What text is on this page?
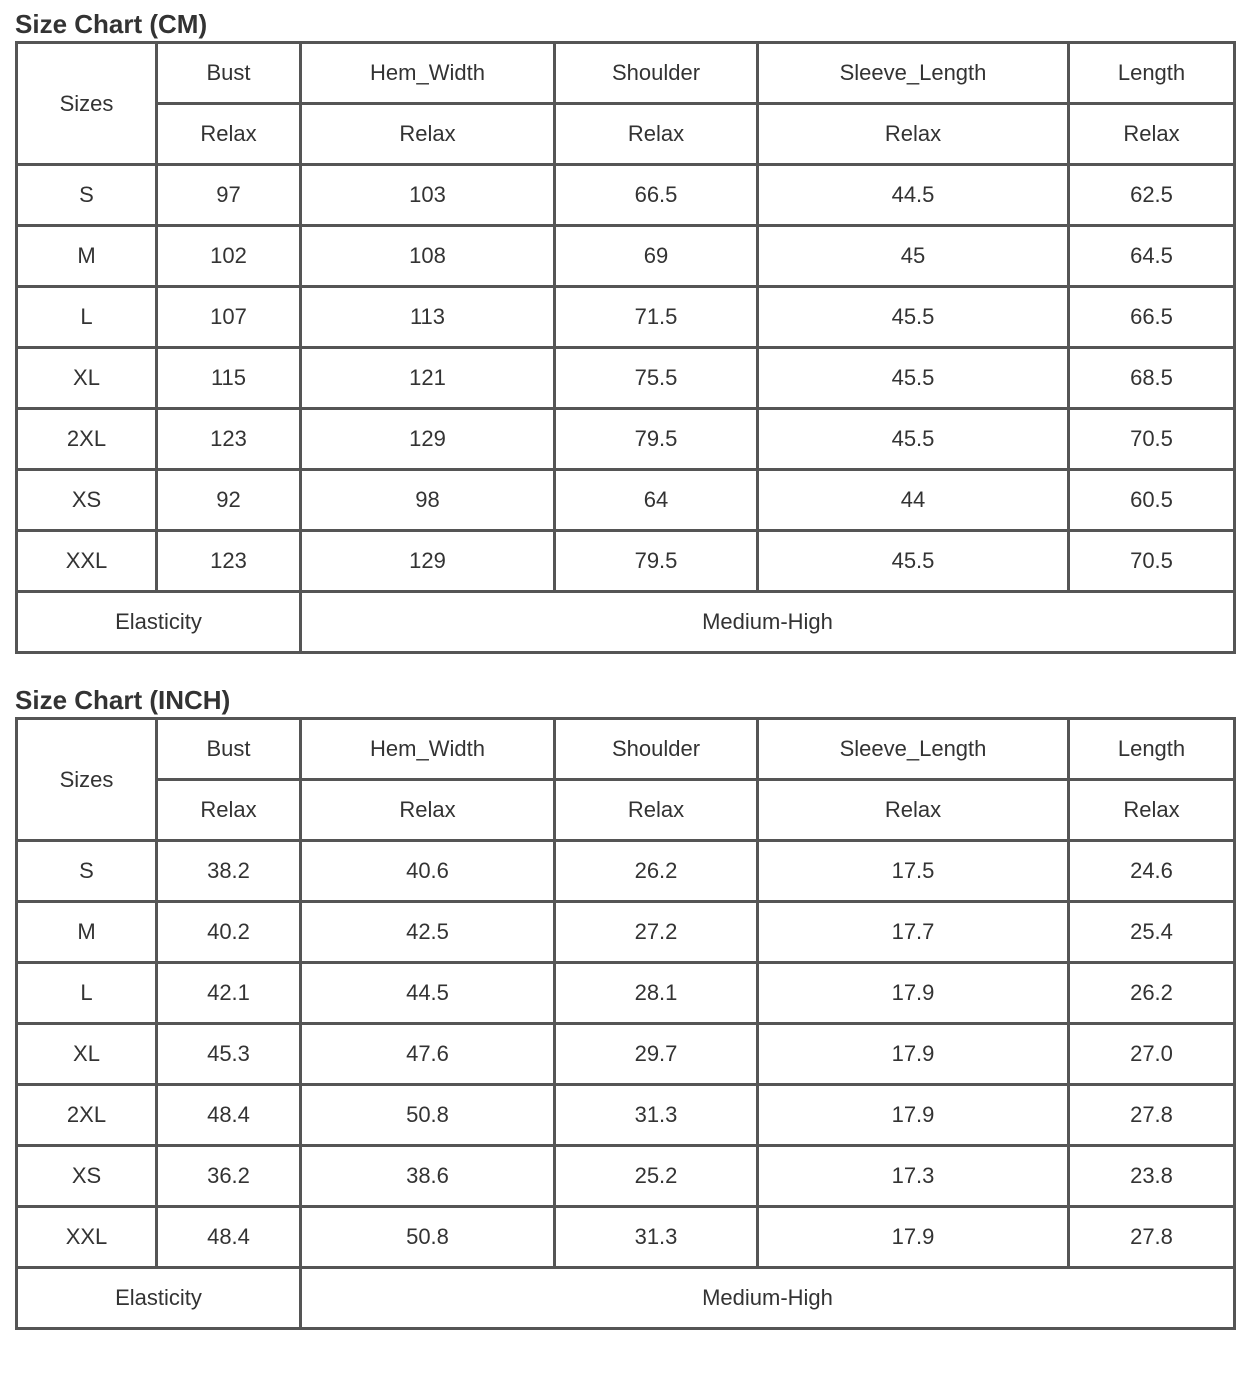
Size Chart (CM)
Sizes	Bust	Hem_Width	Shoulder	Sleeve_Length	Length
	Relax	Relax	Relax	Relax	Relax
S	97	103	66.5	44.5	62.5
M	102	108	69	45	64.5
L	107	113	71.5	45.5	66.5
XL	115	121	75.5	45.5	68.5
2XL	123	129	79.5	45.5	70.5
XS	92	98	64	44	60.5
XXL	123	129	79.5	45.5	70.5
Elasticity		Medium-High			
Size Chart (INCH)
Sizes	Bust	Hem_Width	Shoulder	Sleeve_Length	Length
	Relax	Relax	Relax	Relax	Relax
S	38.2	40.6	26.2	17.5	24.6
M	40.2	42.5	27.2	17.7	25.4
L	42.1	44.5	28.1	17.9	26.2
XL	45.3	47.6	29.7	17.9	27.0
2XL	48.4	50.8	31.3	17.9	27.8
XS	36.2	38.6	25.2	17.3	23.8
XXL	48.4	50.8	31.3	17.9	27.8
Elasticity		Medium-High			
